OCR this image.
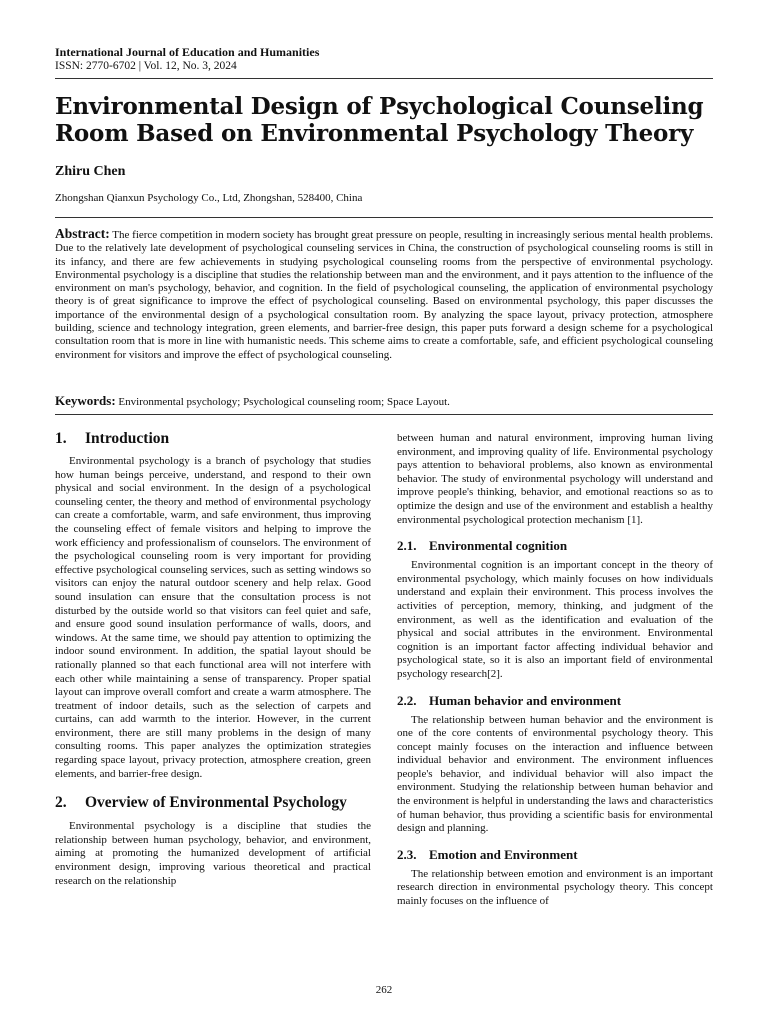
International Journal of Education and Humanities
ISSN: 2770-6702 | Vol. 12, No. 3, 2024
Environmental Design of Psychological Counseling Room Based on Environmental Psychology Theory
Zhiru Chen
Zhongshan Qianxun Psychology Co., Ltd, Zhongshan, 528400, China

Abstract: The fierce competition in modern society has brought great pressure on people, resulting in increasingly serious mental health problems. Due to the relatively late development of psychological counseling services in China, the construction of psychological counseling rooms is still in its infancy, and there are few achievements in studying psychological counseling rooms from the perspective of environmental psychology. Environmental psychology is a discipline that studies the relationship between man and the environment, and it pays attention to the influence of the environment on man's psychology, behavior, and cognition. In the field of psychological counseling, the application of environmental psychology theory is of great significance to improve the effect of psychological counseling. Based on environmental psychology, this paper discusses the importance of the environmental design of a psychological consultation room. By analyzing the space layout, privacy protection, atmosphere building, science and technology integration, green elements, and barrier-free design, this paper puts forward a design scheme for a psychological consultation room that is more in line with humanistic needs. This scheme aims to create a comfortable, safe, and efficient psychological counseling environment for visitors and improve the effect of psychological counseling.

Keywords: Environmental psychology; Psychological counseling room; Space Layout.
1.	Introduction

Environmental psychology is a branch of psychology that studies how human beings perceive, understand, and respond to their own physical and social environment. In the design of a psychological counseling center, the theory and method of environmental psychology can create a comfortable, warm, and safe environment, thus improving the counseling effect of female visitors and helping to improve the work efficiency and professionalism of counselors. The environment of the psychological counseling room is very important for providing effective psychological counseling services, such as setting windows so visitors can enjoy the natural outdoor scenery and help relax. Good sound insulation can ensure that the consultation process is not disturbed by the outside world so that visitors can feel quiet and safe, and ensure good sound insulation performance of walls, doors, and windows. At the same time, we should pay attention to optimizing the indoor sound environment. In addition, the spatial layout should be rationally planned so that each functional area will not interfere with each other while maintaining a sense of transparency. Proper spatial layout can improve overall comfort and create a warm atmosphere. The treatment of indoor details, such as the selection of carpets and curtains, can add warmth to the interior. However, in the current environment, there are still many problems in the design of many consulting rooms. This paper analyzes the optimization strategies regarding space layout, privacy protection, atmosphere creation, green elements, and barrier-free design.

2.	Overview of Environmental Psychology

Environmental psychology is a discipline that studies the relationship between human psychology, behavior, and environment, aiming at promoting the humanized development of artificial environment design, improving various theoretical and practical research on the relationship

between human and natural environment, improving human living environment, and improving quality of life. Environmental psychology pays attention to behavioral problems, also known as environmental behavior. The study of environmental psychology will understand and improve people's thinking, behavior, and emotional reactions so as to optimize the design and use of the environment and establish a healthy environmental psychological protection mechanism [1].

2.1. Environmental cognition

Environmental cognition is an important concept in the theory of environmental psychology, which mainly focuses on how individuals understand and explain their environment. This process involves the activities of perception, memory, thinking, and judgment of the environment, as well as the identification and evaluation of the physical and social attributes in the environment. Environmental cognition is an important factor affecting individual behavior and psychological state, so it is also an important field of environmental psychology research[2].

2.2. Human behavior and environment

The relationship between human behavior and the environment is one of the core contents of environmental psychology theory. This concept mainly focuses on the interaction and influence between individual behavior and environment. The environment influences people's behavior, and individual behavior will also impact the environment. Studying the relationship between human behavior and the environment is helpful in understanding the laws and characteristics of human behavior, thus providing a scientific basis for environmental design and planning.

2.3. Emotion and Environment

The relationship between emotion and environment is an important research direction in environmental psychology theory. This concept mainly focuses on the influence of

262
